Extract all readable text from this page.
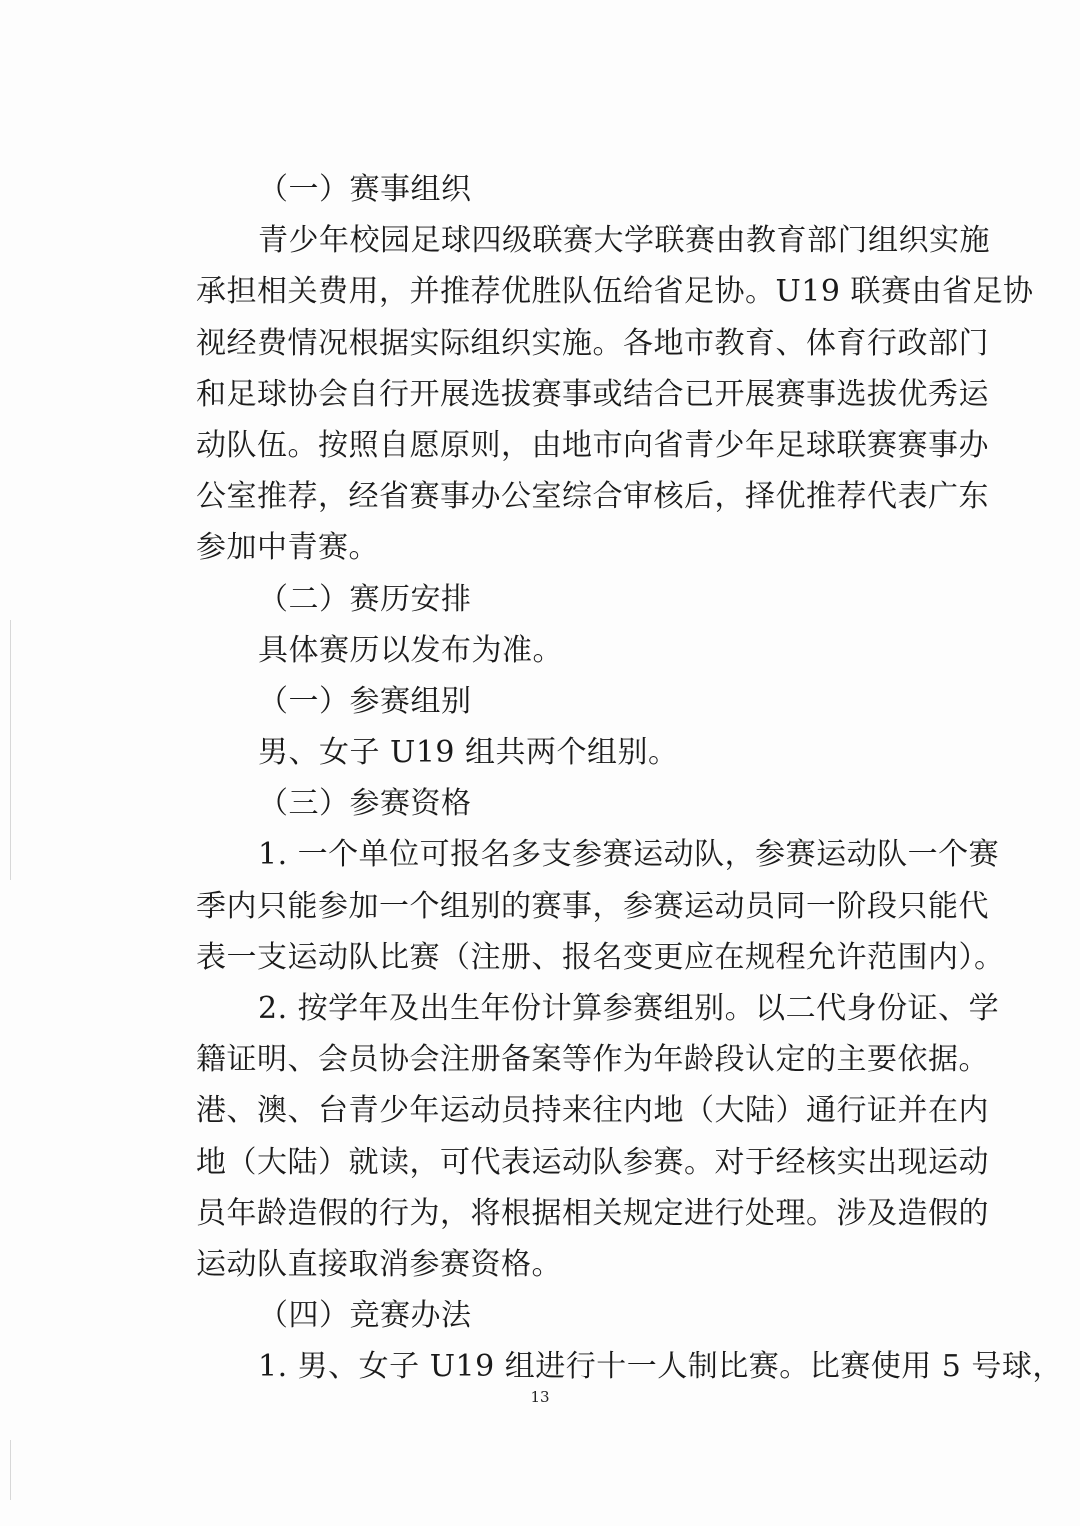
（一）赛事组织
青少年校园足球四级联赛大学联赛由教育部门组织实施
承担相关费用，并推荐优胜队伍给省足协。U19 联赛由省足协
视经费情况根据实际组织实施。各地市教育、体育行政部门
和足球协会自行开展选拔赛事或结合已开展赛事选拔优秀运
动队伍。按照自愿原则，由地市向省青少年足球联赛赛事办
公室推荐，经省赛事办公室综合审核后，择优推荐代表广东
参加中青赛。
（二）赛历安排
具体赛历以发布为准。
（一）参赛组别
男、女子 U19 组共两个组别。
（三）参赛资格
1. 一个单位可报名多支参赛运动队，参赛运动队一个赛
季内只能参加一个组别的赛事，参赛运动员同一阶段只能代
表一支运动队比赛（注册、报名变更应在规程允许范围内）。
2. 按学年及出生年份计算参赛组别。以二代身份证、学
籍证明、会员协会注册备案等作为年龄段认定的主要依据。
港、澳、台青少年运动员持来往内地（大陆）通行证并在内
地（大陆）就读，可代表运动队参赛。对于经核实出现运动
员年龄造假的行为，将根据相关规定进行处理。涉及造假的
运动队直接取消参赛资格。
（四）竞赛办法
1. 男、女子 U19 组进行十一人制比赛。比赛使用 5 号球，
13
